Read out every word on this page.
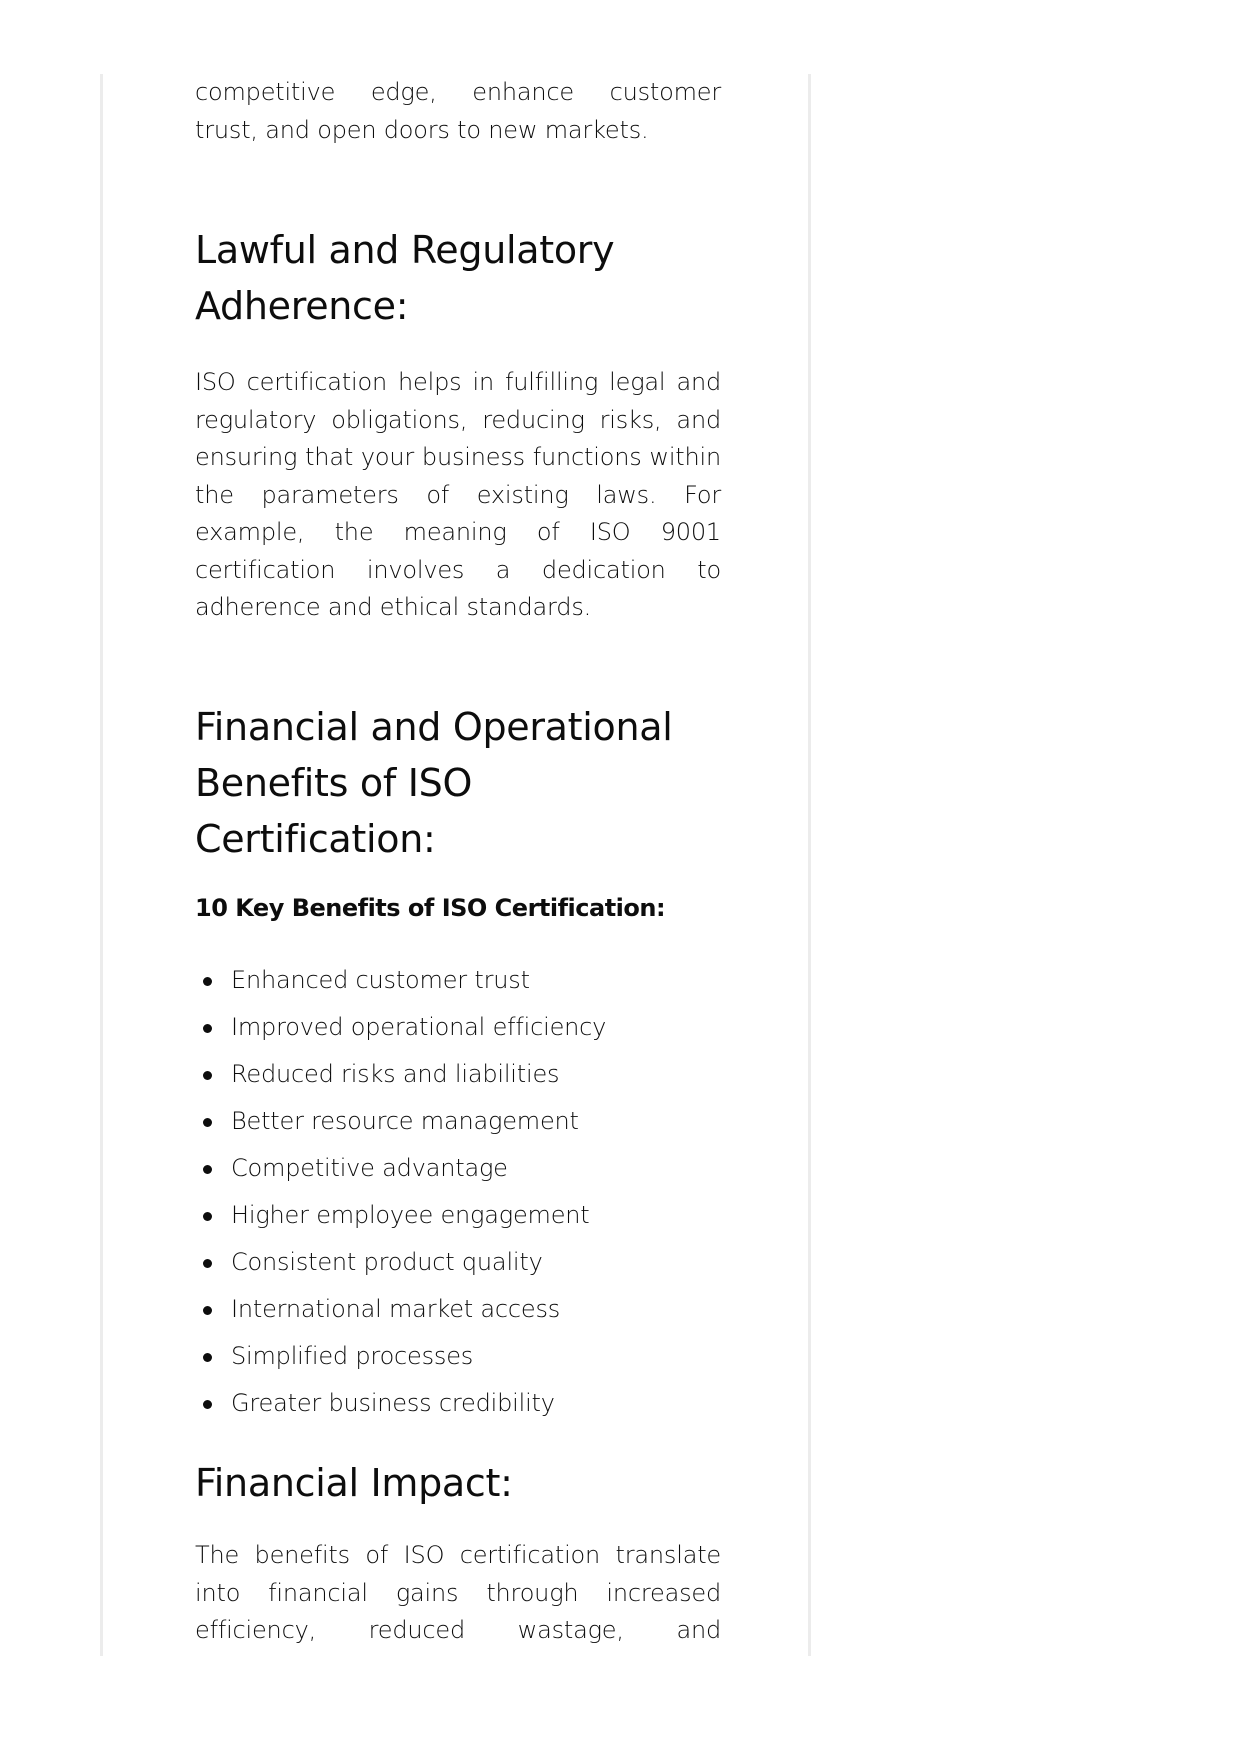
competitive edge, enhance customer

trust, and open doors to new markets.

Lawful and Regulatory
Adherence:

ISO certification helps in fulfilling legal and regulatory obligations, reducing risks, and ensuring that your business functions within the parameters of existing laws. For example, the meaning of ISO 9001 certification involves a dedication to adherence and ethical standards.

Financial and Operational
Benefits of ISO Certification:

10 Key Benefits of ISO Certification:

Enhanced customer trust
Improved operational efficiency
Reduced risks and liabilities
Better resource management
Competitive advantage
Higher employee engagement
Consistent product quality
International market access
Simplified processes
Greater business credibility
Financial Impact:

The benefits of ISO certification translate

into financial gains through increased

efficiency, reduced wastage, and
